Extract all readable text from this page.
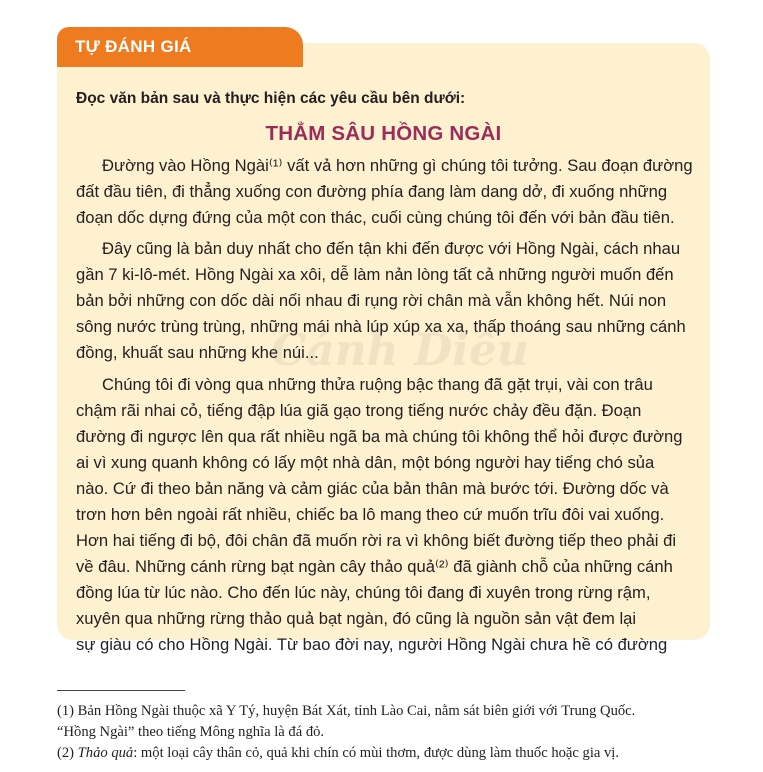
Cánh Diều
TỰ ĐÁNH GIÁ
Đọc văn bản sau và thực hiện các yêu cầu bên dưới:
THẲM SÂU HỒNG NGÀI
Đường vào Hồng Ngài⁽¹⁾ vất vả hơn những gì chúng tôi tưởng. Sau đoạn đường
đất đầu tiên, đi thẳng xuống con đường phía đang làm dang dở, đi xuống những
đoạn dốc dựng đứng của một con thác, cuối cùng chúng tôi đến với bản đầu tiên.
Đây cũng là bản duy nhất cho đến tận khi đến được với Hồng Ngài, cách nhau
gần 7 ki-lô-mét. Hồng Ngài xa xôi, dễ làm nản lòng tất cả những người muốn đến
bản bởi những con dốc dài nối nhau đi rụng rời chân mà vẫn không hết. Núi non
sông nước trùng trùng, những mái nhà lúp xúp xa xa, thấp thoáng sau những cánh
đồng, khuất sau những khe núi...
Chúng tôi đi vòng qua những thửa ruộng bậc thang đã gặt trụi, vài con trâu
chậm rãi nhai cỏ, tiếng đập lúa giã gạo trong tiếng nước chảy đều đặn. Đoạn
đường đi ngược lên qua rất nhiều ngã ba mà chúng tôi không thể hỏi được đường
ai vì xung quanh không có lấy một nhà dân, một bóng người hay tiếng chó sủa
nào. Cứ đi theo bản năng và cảm giác của bản thân mà bước tới. Đường dốc và
trơn hơn bên ngoài rất nhiều, chiếc ba lô mang theo cứ muốn trĩu đôi vai xuống.
Hơn hai tiếng đi bộ, đôi chân đã muốn rời ra vì không biết đường tiếp theo phải đi
về đâu. Những cánh rừng bạt ngàn cây thảo quả⁽²⁾ đã giành chỗ của những cánh
đồng lúa từ lúc nào. Cho đến lúc này, chúng tôi đang đi xuyên trong rừng rậm,
xuyên qua những rừng thảo quả bạt ngàn, đó cũng là nguồn sản vật đem lại
sự giàu có cho Hồng Ngài. Từ bao đời nay, người Hồng Ngài chưa hề có đường
(1) Bản Hồng Ngài thuộc xã Y Tý, huyện Bát Xát, tỉnh Lào Cai, nằm sát biên giới với Trung Quốc.
“Hồng Ngài” theo tiếng Mông nghĩa là đá đỏ.
(2) Thảo quả: một loại cây thân cỏ, quả khi chín có mùi thơm, được dùng làm thuốc hoặc gia vị.
